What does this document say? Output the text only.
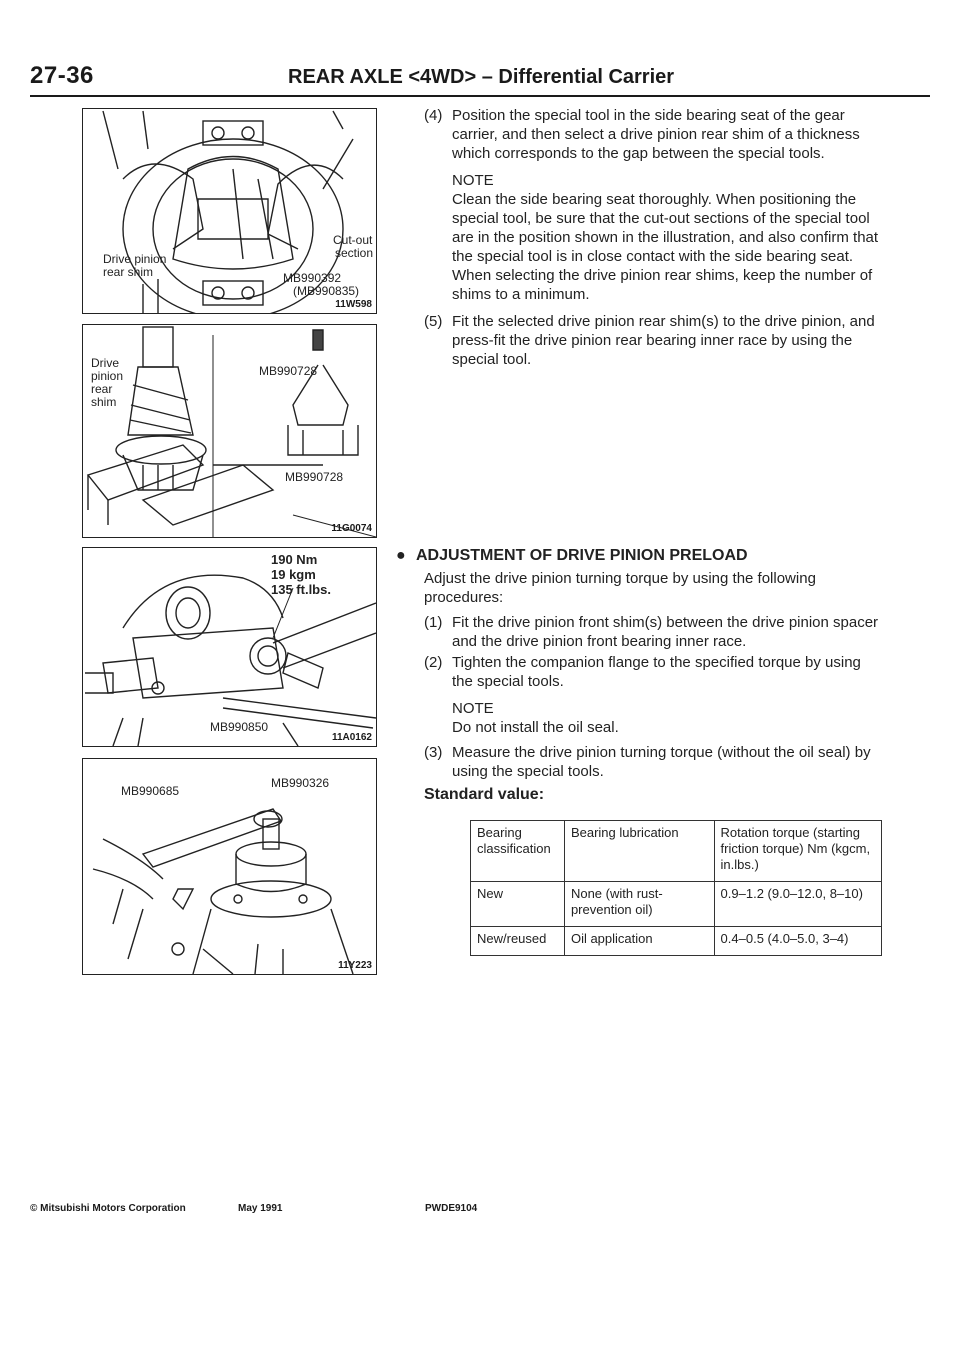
27-36	REAR AXLE <4WD> – Differential Carrier
Drive pinion
rear shim
Cut-out
section
MB990392
(MB990835)
11W598
Drive
pinion
rear
shim
MB990728
MB990728
11G0074
190 Nm
19 kgm
135 ft.lbs.
MB990850
11A0162
MB990685
MB990326
11Y223
(4) Position the special tool in the side bearing seat of the gear carrier, and then select a drive pinion rear shim of a thickness which corresponds to the gap between the special tools.
NOTE
Clean the side bearing seat thoroughly. When positioning the special tool, be sure that the cut-out sections of the special tool are in the position shown in the illustration, and also confirm that the special tool is in close contact with the side bearing seat.
When selecting the drive pinion rear shims, keep the number of shims to a minimum.
(5) Fit the selected drive pinion rear shim(s) to the drive pinion, and press-fit the drive pinion rear bearing inner race by using the special tool.
● ADJUSTMENT OF DRIVE PINION PRELOAD
Adjust the drive pinion turning torque by using the following procedures:
(1) Fit the drive pinion front shim(s) between the drive pinion spacer and the drive pinion front bearing inner race.
(2) Tighten the companion flange to the specified torque by using the special tools.
NOTE
Do not install the oil seal.
(3) Measure the drive pinion turning torque (without the oil seal) by using the special tools.
Standard value:
Bearing classification	Bearing lubrication	Rotation torque (starting friction torque) Nm (kgcm, in.lbs.)
New	None (with rust-prevention oil)	0.9–1.2 (9.0–12.0, 8–10)
New/reused	Oil application	0.4–0.5 (4.0–5.0, 3–4)
© Mitsubishi Motors Corporation	May 1991	PWDE9104
